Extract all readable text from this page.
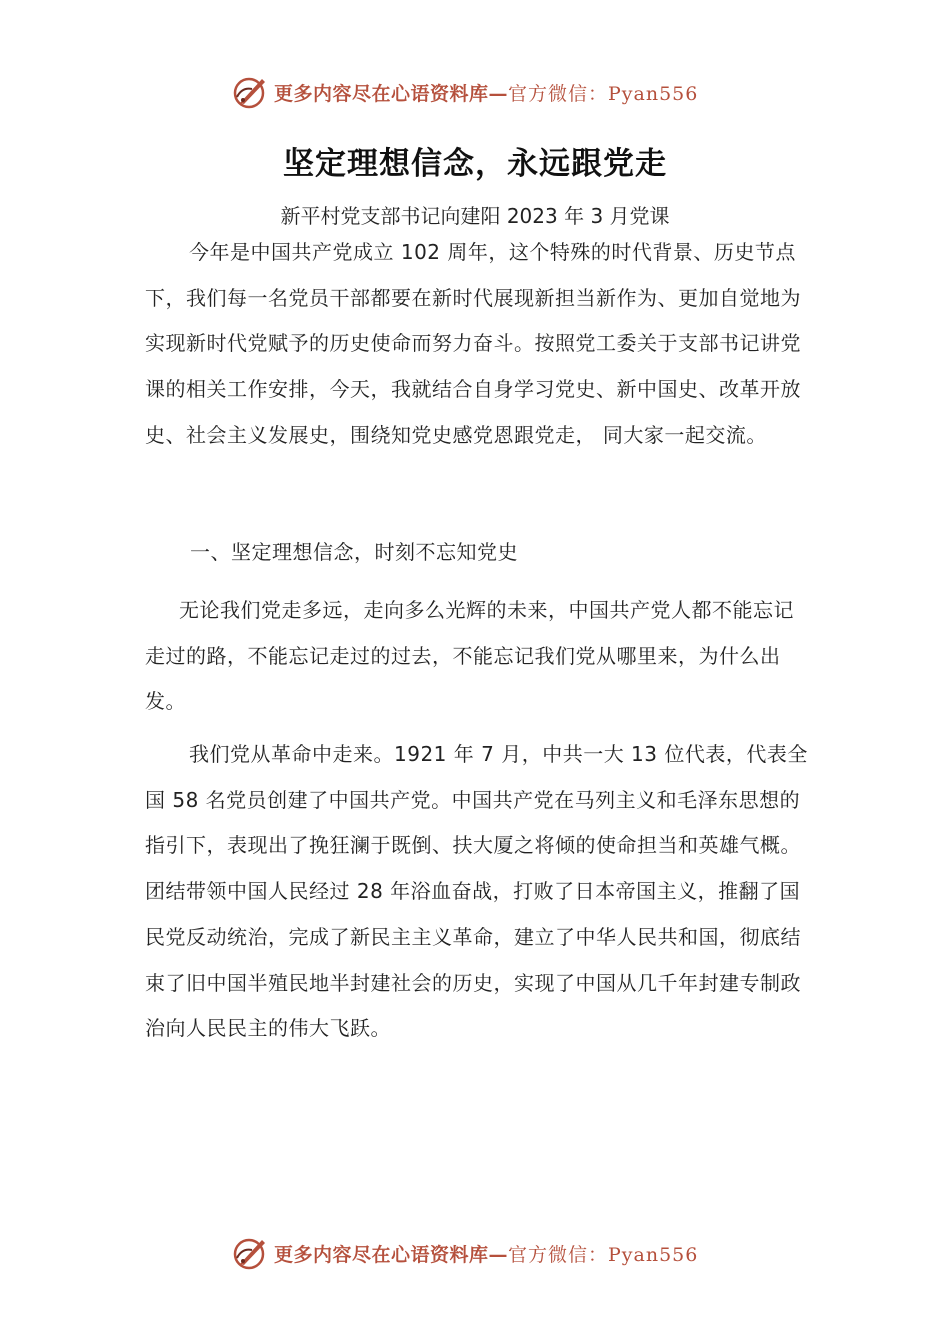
更多内容尽在心语资料库—官方微信：Pyan556
坚定理想信念，永远跟党走
新平村党支部书记向建阳 2023 年 3 月党课
今年是中国共产党成立 102 周年，这个特殊的时代背景、历史节点下，我们每一名党员干部都要在新时代展现新担当新作为、更加自觉地为实现新时代党赋予的历史使命而努力奋斗。按照党工委关于支部书记讲党课的相关工作安排，今天，我就结合自身学习党史、新中国史、改革开放史、社会主义发展史，围绕知党史感党恩跟党走， 同大家一起交流。
一、坚定理想信念，时刻不忘知党史
无论我们党走多远，走向多么光辉的未来，中国共产党人都不能忘记走过的路，不能忘记走过的过去，不能忘记我们党从哪里来，为什么出发。
我们党从革命中走来。1921 年 7 月，中共一大 13 位代表，代表全国 58 名党员创建了中国共产党。中国共产党在马列主义和毛泽东思想的指引下，表现出了挽狂澜于既倒、扶大厦之将倾的使命担当和英雄气概。团结带领中国人民经过 28 年浴血奋战，打败了日本帝国主义，推翻了国民党反动统治，完成了新民主主义革命，建立了中华人民共和国，彻底结束了旧中国半殖民地半封建社会的历史，实现了中国从几千年封建专制政治向人民民主的伟大飞跃。
更多内容尽在心语资料库—官方微信：Pyan556
